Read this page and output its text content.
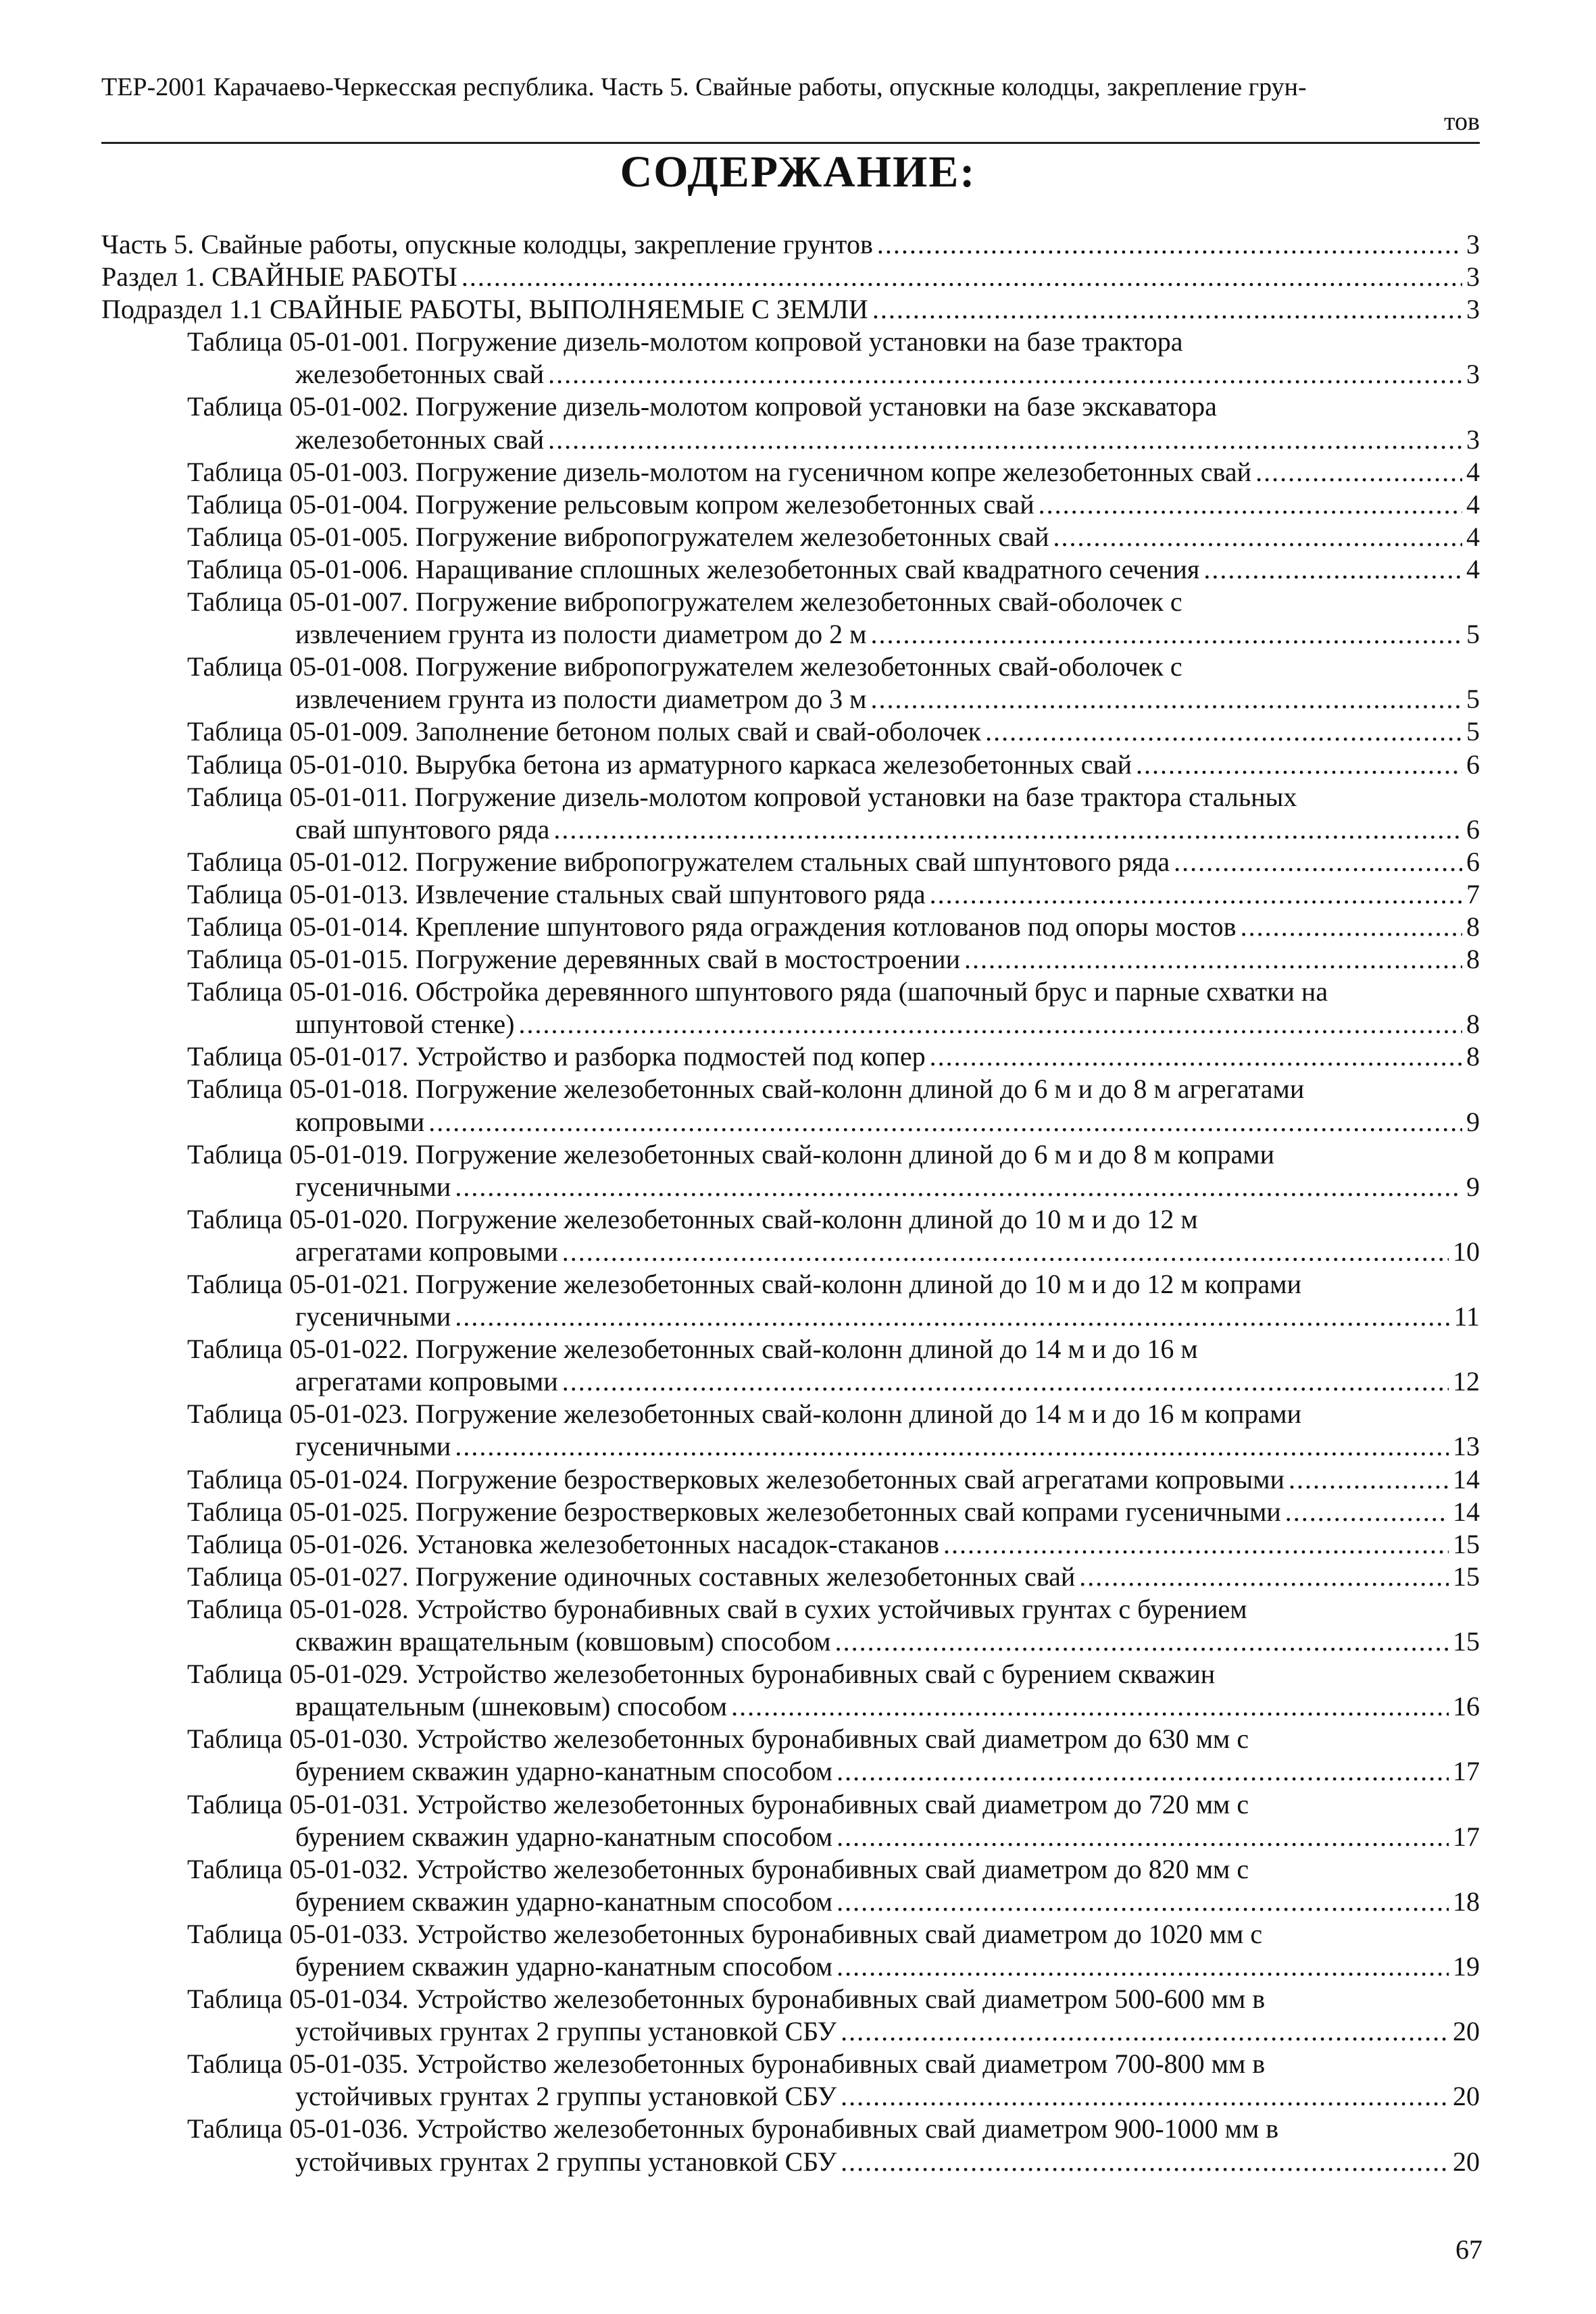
ТЕР-2001 Карачаево-Черкесская республика. Часть 5. Свайные работы, опускные колодцы, закрепление грун-
тов
СОДЕРЖАНИЕ:
Часть 5. Свайные работы, опускные колодцы, закрепление грунтов .....	3
Раздел 1. СВАЙНЫЕ РАБОТЫ .....	3
Подраздел 1.1 СВАЙНЫЕ РАБОТЫ, ВЫПОЛНЯЕМЫЕ С ЗЕМЛИ .....	3
Таблица 05-01-001. Погружение дизель-молотом копровой установки на базе трактора
железобетонных свай .....	3
Таблица 05-01-002. Погружение дизель-молотом копровой установки на базе экскаватора
железобетонных свай .....	3
Таблица 05-01-003. Погружение дизель-молотом на гусеничном копре железобетонных свай .....	4
Таблица 05-01-004. Погружение рельсовым копром железобетонных свай .....	4
Таблица 05-01-005. Погружение вибропогружателем железобетонных свай .....	4
Таблица 05-01-006. Наращивание сплошных железобетонных свай квадратного сечения .....	4
Таблица 05-01-007. Погружение вибропогружателем железобетонных свай-оболочек с
извлечением грунта из полости диаметром до 2 м .....	5
Таблица 05-01-008. Погружение вибропогружателем железобетонных свай-оболочек с
извлечением грунта из полости диаметром до 3 м .....	5
Таблица 05-01-009. Заполнение бетоном полых свай и свай-оболочек .....	5
Таблица 05-01-010. Вырубка бетона из арматурного каркаса железобетонных свай .....	6
Таблица 05-01-011. Погружение дизель-молотом копровой установки на базе трактора стальных
свай шпунтового ряда .....	6
Таблица 05-01-012. Погружение вибропогружателем стальных свай шпунтового ряда .....	6
Таблица 05-01-013. Извлечение стальных свай шпунтового ряда .....	7
Таблица 05-01-014. Крепление шпунтового ряда ограждения котлованов под опоры мостов .....	8
Таблица 05-01-015. Погружение деревянных свай в мостостроении .....	8
Таблица 05-01-016. Обстройка деревянного шпунтового ряда (шапочный брус и парные схватки на
шпунтовой стенке) .....	8
Таблица 05-01-017. Устройство и разборка подмостей под копер .....	8
Таблица 05-01-018. Погружение железобетонных свай-колонн длиной до 6 м и до 8 м агрегатами
копровыми .....	9
Таблица 05-01-019. Погружение железобетонных свай-колонн длиной до 6 м и до 8 м копрами
гусеничными .....	9
Таблица 05-01-020. Погружение железобетонных свай-колонн длиной до 10 м и до 12 м
агрегатами копровыми .....	10
Таблица 05-01-021. Погружение железобетонных свай-колонн длиной до 10 м и до 12 м копрами
гусеничными .....	11
Таблица 05-01-022. Погружение железобетонных свай-колонн длиной до 14 м и до 16 м
агрегатами копровыми .....	12
Таблица 05-01-023. Погружение железобетонных свай-колонн длиной до 14 м и до 16 м копрами
гусеничными .....	13
Таблица 05-01-024. Погружение безростверковых железобетонных свай агрегатами копровыми .....	14
Таблица 05-01-025. Погружение безростверковых железобетонных свай копрами гусеничными .....	14
Таблица 05-01-026. Установка железобетонных насадок-стаканов .....	15
Таблица 05-01-027. Погружение одиночных составных железобетонных свай .....	15
Таблица 05-01-028. Устройство буронабивных свай в сухих устойчивых грунтах с бурением
скважин вращательным (ковшовым) способом .....	15
Таблица 05-01-029. Устройство железобетонных буронабивных свай с бурением скважин
вращательным (шнековым) способом .....	16
Таблица 05-01-030. Устройство железобетонных буронабивных свай диаметром до 630 мм с
бурением скважин ударно-канатным способом .....	17
Таблица 05-01-031. Устройство железобетонных буронабивных свай диаметром до 720 мм с
бурением скважин ударно-канатным способом .....	17
Таблица 05-01-032. Устройство железобетонных буронабивных свай диаметром до 820 мм с
бурением скважин ударно-канатным способом .....	18
Таблица 05-01-033. Устройство железобетонных буронабивных свай диаметром до 1020 мм с
бурением скважин ударно-канатным способом .....	19
Таблица 05-01-034. Устройство железобетонных буронабивных свай диаметром 500-600 мм в
устойчивых грунтах 2 группы установкой СБУ .....	20
Таблица 05-01-035. Устройство железобетонных буронабивных свай диаметром 700-800 мм в
устойчивых грунтах 2 группы установкой СБУ .....	20
Таблица 05-01-036. Устройство железобетонных буронабивных свай диаметром 900-1000 мм в
устойчивых грунтах 2 группы установкой СБУ .....	20
67
